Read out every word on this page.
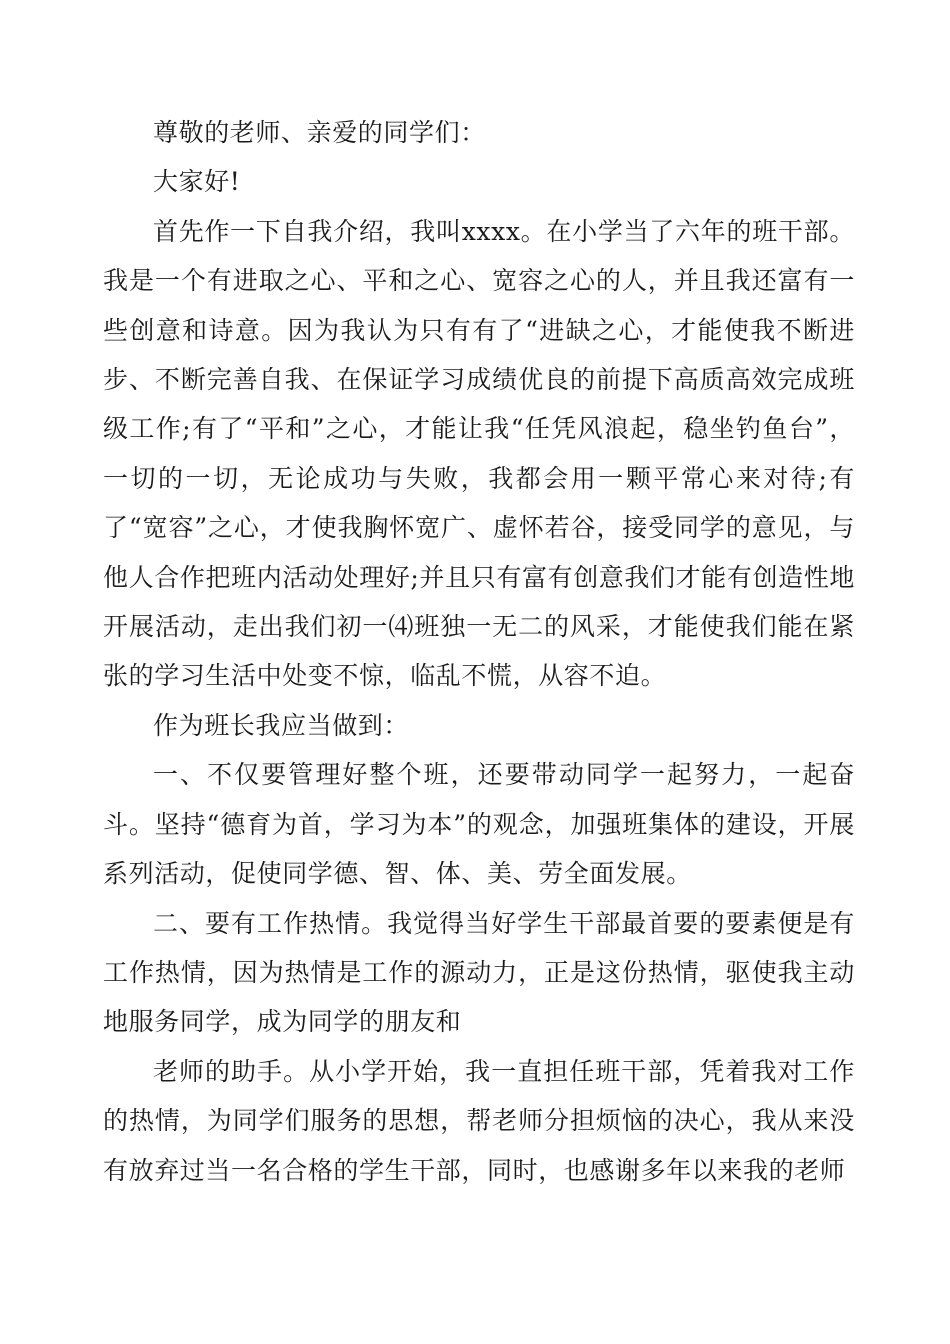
尊敬的老师、亲爱的同学们：

大家好!

首先作一下自我介绍，我叫xxxx。在小学当了六年的班干部。我是一个有进取之心、平和之心、宽容之心的人，并且我还富有一些创意和诗意。因为我认为只有有了“进缺之心，才能使我不断进步、不断完善自我、在保证学习成绩优良的前提下高质高效完成班级工作;有了“平和”之心，才能让我“任凭风浪起，稳坐钓鱼台”，一切的一切，无论成功与失败，我都会用一颗平常心来对待;有了“宽容”之心，才使我胸怀宽广、虚怀若谷，接受同学的意见，与他人合作把班内活动处理好;并且只有富有创意我们才能有创造性地开展活动，走出我们初一⑷班独一无二的风采，才能使我们能在紧张的学习生活中处变不惊，临乱不慌，从容不迫。

作为班长我应当做到：

一、不仅要管理好整个班，还要带动同学一起努力，一起奋斗。坚持“德育为首，学习为本”的观念，加强班集体的建设，开展系列活动，促使同学德、智、体、美、劳全面发展。

二、要有工作热情。我觉得当好学生干部最首要的要素便是有工作热情，因为热情是工作的源动力，正是这份热情，驱使我主动地服务同学，成为同学的朋友和

老师的助手。从小学开始，我一直担任班干部，凭着我对工作的热情，为同学们服务的思想，帮老师分担烦恼的决心，我从来没有放弃过当一名合格的学生干部，同时，也感谢多年以来我的老师
